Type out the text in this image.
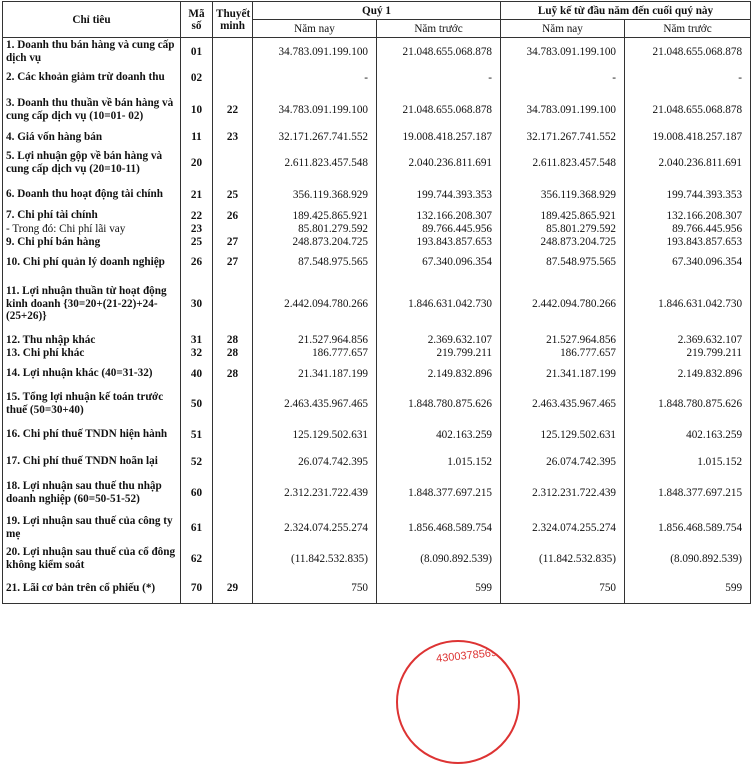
Chỉ tiêu	Mã số	Thuyết minh	Quý 1		Luỹ kế từ đầu năm đến cuối quý này	
			Năm nay	Năm trước	Năm nay	Năm trước
1. Doanh thu bán hàng và cung cấp dịch vụ	01		34.783.091.199.100	21.048.655.068.878	34.783.091.199.100	21.048.655.068.878
2. Các khoản giảm trừ doanh thu	02		-	-	-	-
3. Doanh thu thuần về bán hàng và cung cấp dịch vụ (10=01- 02)	10	22	34.783.091.199.100	21.048.655.068.878	34.783.091.199.100	21.048.655.068.878
4. Giá vốn hàng bán	11	23	32.171.267.741.552	19.008.418.257.187	32.171.267.741.552	19.008.418.257.187
5. Lợi nhuận gộp về bán hàng và cung cấp dịch vụ (20=10-11)	20		2.611.823.457.548	2.040.236.811.691	2.611.823.457.548	2.040.236.811.691
6. Doanh thu hoạt động tài chính	21	25	356.119.368.929	199.744.393.353	356.119.368.929	199.744.393.353
7. Chi phí tài chính	22	26	189.425.865.921	132.166.208.307	189.425.865.921	132.166.208.307
- Trong đó: Chi phí lãi vay	23		85.801.279.592	89.766.445.956	85.801.279.592	89.766.445.956
9. Chi phí bán hàng	25	27	248.873.204.725	193.843.857.653	248.873.204.725	193.843.857.653
10. Chi phí quản lý doanh nghiệp	26	27	87.548.975.565	67.340.096.354	87.548.975.565	67.340.096.354
11. Lợi nhuận thuần từ hoạt động kinh doanh {30=20+(21-22)+24-(25+26)}	30		2.442.094.780.266	1.846.631.042.730	2.442.094.780.266	1.846.631.042.730
12. Thu nhập khác	31	28	21.527.964.856	2.369.632.107	21.527.964.856	2.369.632.107
13. Chi phí khác	32	28	186.777.657	219.799.211	186.777.657	219.799.211
14. Lợi nhuận khác (40=31-32)	40	28	21.341.187.199	2.149.832.896	21.341.187.199	2.149.832.896
15. Tổng lợi nhuận kế toán trước thuế (50=30+40)	50		2.463.435.967.465	1.848.780.875.626	2.463.435.967.465	1.848.780.875.626
16. Chi phí thuế TNDN hiện hành	51		125.129.502.631	402.163.259	125.129.502.631	402.163.259
17. Chi phí thuế TNDN hoãn lại	52		26.074.742.395	1.015.152	26.074.742.395	1.015.152
18. Lợi nhuận sau thuế thu nhập doanh nghiệp (60=50-51-52)	60		2.312.231.722.439	1.848.377.697.215	2.312.231.722.439	1.848.377.697.215
19. Lợi nhuận sau thuế của công ty mẹ	61		2.324.074.255.274	1.856.468.589.754	2.324.074.255.274	1.856.468.589.754
20. Lợi nhuận sau thuế của cổ đông không kiểm soát	62		(11.842.532.835)	(8.090.892.539)	(11.842.532.835)	(8.090.892.539)
21. Lãi cơ bản trên cổ phiếu (*)	70	29	750	599	750	599
4300378569
